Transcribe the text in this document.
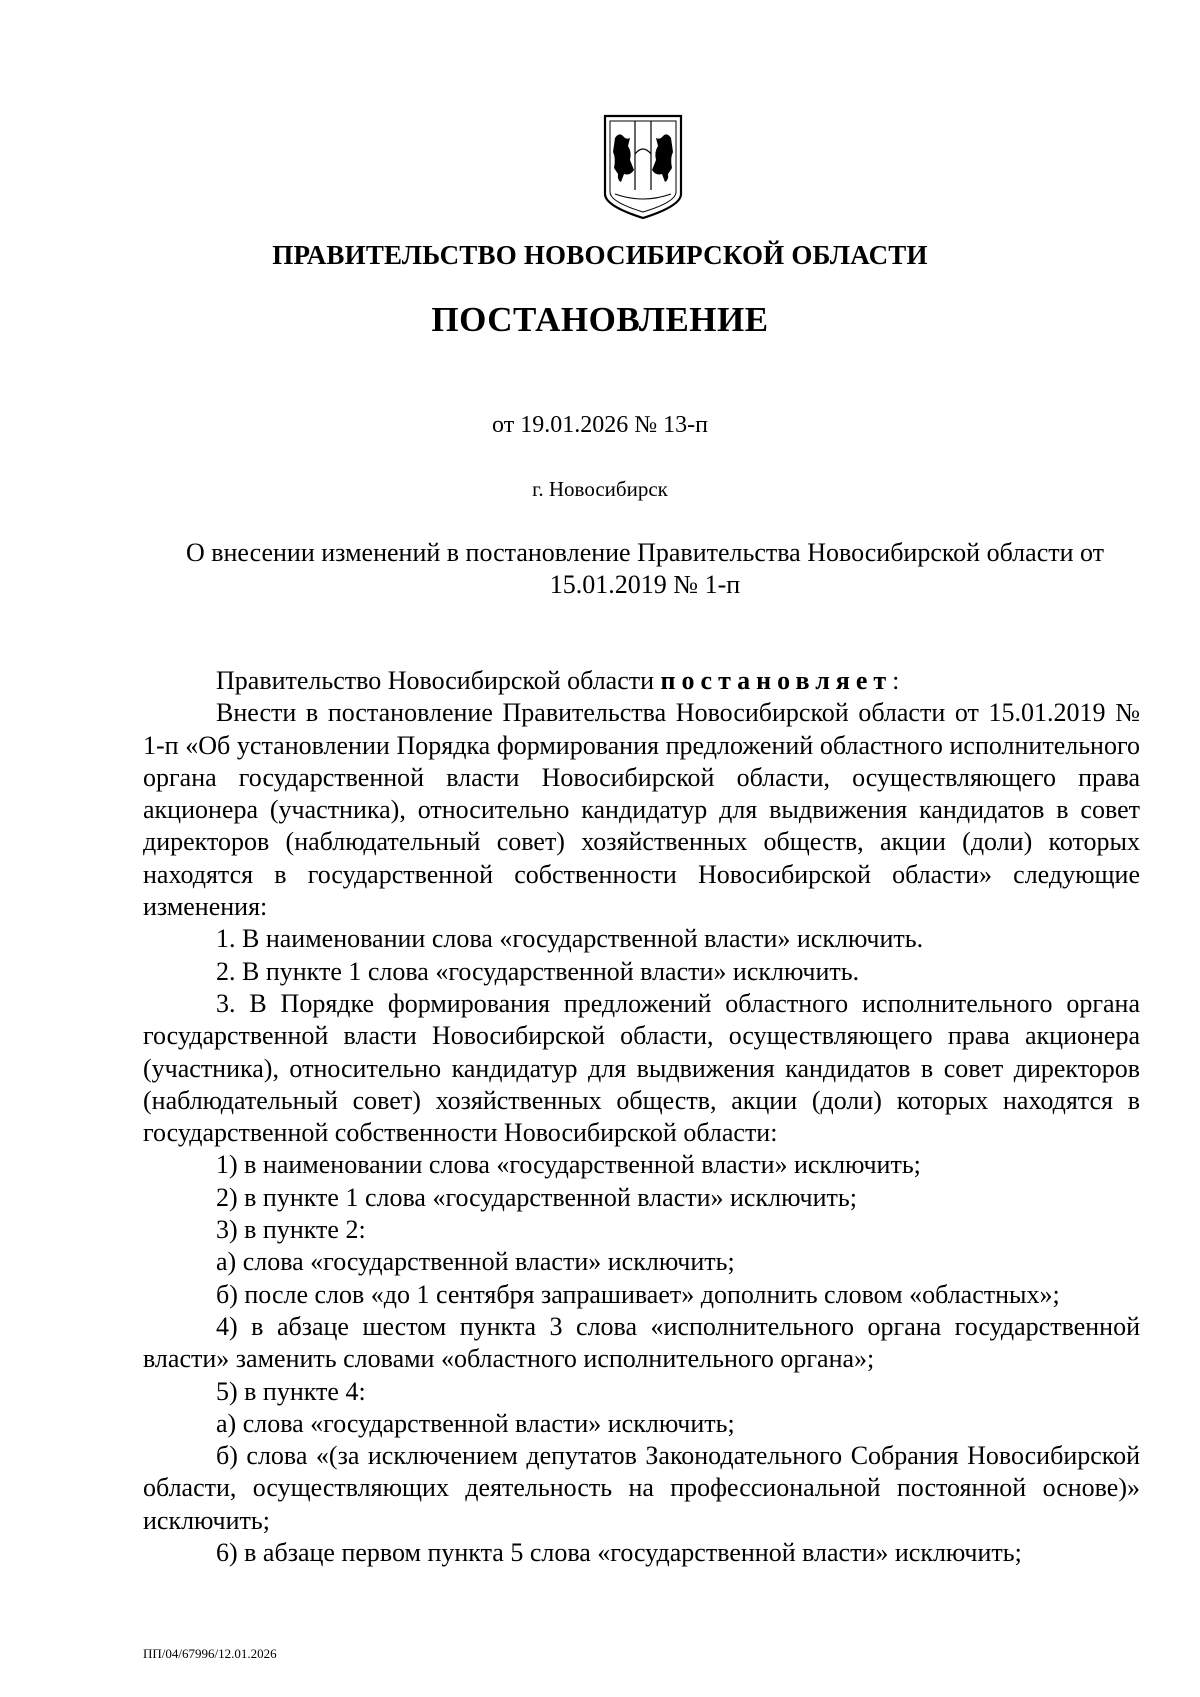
ПРАВИТЕЛЬСТВО НОВОСИБИРСКОЙ ОБЛАСТИ

ПОСТАНОВЛЕНИЕ

от 19.01.2026 № 13-п

г. Новосибирск

О внесении изменений в постановление Правительства Новосибирской области от 15.01.2019 № 1-п

Правительство Новосибирской области постановляет:

Внести в постановление Правительства Новосибирской области от 15.01.2019 № 1-п «Об установлении Порядка формирования предложений областного исполнительного органа государственной власти Новосибирской области, осуществляющего права акционера (участника), относительно кандидатур для выдвижения кандидатов в совет директоров (наблюдательный совет) хозяйственных обществ, акции (доли) которых находятся в государственной собственности Новосибирской области» следующие изменения:

1. В наименовании слова «государственной власти» исключить.

2. В пункте 1 слова «государственной власти» исключить.

3. В Порядке формирования предложений областного исполнительного органа государственной власти Новосибирской области, осуществляющего права акционера (участника), относительно кандидатур для выдвижения кандидатов в совет директоров (наблюдательный совет) хозяйственных обществ, акции (доли) которых находятся в государственной собственности Новосибирской области:

1) в наименовании слова «государственной власти» исключить;

2) в пункте 1 слова «государственной власти» исключить;

3) в пункте 2:

а) слова «государственной власти» исключить;

б) после слов «до 1 сентября запрашивает» дополнить словом «областных»;

4) в абзаце шестом пункта 3 слова «исполнительного органа государственной власти» заменить словами «областного исполнительного органа»;

5) в пункте 4:

а) слова «государственной власти» исключить;

б) слова «(за исключением депутатов Законодательного Собрания Новосибирской области, осуществляющих деятельность на профессиональной постоянной основе)» исключить;

6) в абзаце первом пункта 5 слова «государственной власти» исключить;

ПП/04/67996/12.01.2026
